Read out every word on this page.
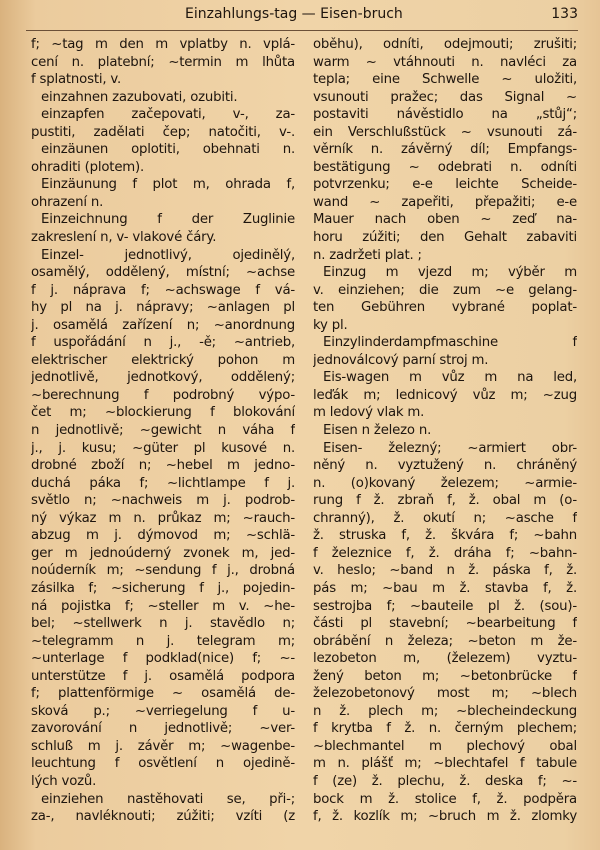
Einzahlungs-tag — Eisen-bruch	133
f; ~tag m den m vplatby n. vplá-
cení n. platební; ~termin m lhůta
f splatnosti, v.
einzahnen zazubovati, ozubiti.
einzapfen začepovati, v-, za-
pustiti, zadělati čep; natočiti, v-.
einzäunen oplotiti, obehnati n.
ohraditi (plotem).
Einzäunung f plot m, ohrada f,
ohrazení n.
Einzeichnung f der Zuglinie
zakreslení n, v- vlakové čáry.
Einzel- jednotlivý, ojedinělý,
osamělý, oddělený, místní; ~achse
f j. náprava f; ~achswage f vá-
hy pl na j. nápravy; ~anlagen pl
j. osamělá zařízení n; ~anordnung
f uspořádání n j., -ě; ~antrieb,
elektrischer elektrický pohon m
jednotlivě, jednotkový, oddělený;
~berechnung f podrobný výpo-
čet m; ~blockierung f blokování
n jednotlivě; ~gewicht n váha f
j., j. kusu; ~güter pl kusové n.
drobné zboží n; ~hebel m jedno-
duchá páka f; ~lichtlampe f j.
světlo n; ~nachweis m j. podrob-
ný výkaz m n. průkaz m; ~rauch-
abzug m j. dýmovod m; ~schlä-
ger m jednoúderný zvonek m, jed-
noúderník m; ~sendung f j., drobná
zásilka f; ~sicherung f j., pojedin-
ná pojistka f; ~steller m v. ~he-
bel; ~stellwerk n j. stavědlo n;
~telegramm n j. telegram m;
~unterlage f podklad(nice) f; ~-
unterstütze f j. osamělá podpora
f; plattenförmige ~ osamělá de-
sková p.; ~verriegelung f u-
zavorování n jednotlivě; ~ver-
schluß m j. závěr m; ~wagenbe-
leuchtung f osvětlení n ojedině-
lých vozů.
einziehen nastěhovati se, při-;
za-, navléknouti; zúžiti; vzíti (z
oběhu), odníti, odejmouti; zrušiti;
warm ~ vtáhnouti n. navléci za
tepla; eine Schwelle ~ uložiti,
vsunouti pražec; das Signal ~
postaviti návěstidlo na „stůj“;
ein Verschlußstück ~ vsunouti zá-
věrník n. závěrný díl; Empfangs-
bestätigung ~ odebrati n. odníti
potvrzenku; e-e leichte Scheide-
wand ~ zapeřiti, přepažiti; e-e
Mauer nach oben ~ zeď na-
horu zúžiti; den Gehalt zabaviti
n. zadržeti plat. ;
Einzug m vjezd m; výběr m
v. einziehen; die zum ~e gelang-
ten Gebühren vybrané poplat-
ky pl.
Einzylinderdampfmaschine f
jednoválcový parní stroj m.
Eis-wagen m vůz m na led,
leďák m; lednicový vůz m; ~zug
m ledový vlak m.
Eisen n železo n.
Eisen- železný; ~armiert obr-
něný n. vyztužený n. chráněný
n. (o)kovaný železem; ~armie-
rung f ž. zbraň f, ž. obal m (o-
chranný), ž. okutí n; ~asche f
ž. struska f, ž. škvára f; ~bahn
f železnice f, ž. dráha f; ~bahn-
v. heslo; ~band n ž. páska f, ž.
pás m; ~bau m ž. stavba f, ž.
sestrojba f; ~bauteile pl ž. (sou)-
části pl stavební; ~bearbeitung f
obrábění n železa; ~beton m že-
lezobeton m, (železem) vyztu-
žený beton m; ~betonbrücke f
železobetonový most m; ~blech
n ž. plech m; ~blecheindeckung
f krytba f ž. n. černým plechem;
~blechmantel m plechový obal
m n. plášť m; ~blechtafel f tabule
f (ze) ž. plechu, ž. deska f; ~-
bock m ž. stolice f, ž. podpěra
f, ž. kozlík m; ~bruch m ž. zlomky
